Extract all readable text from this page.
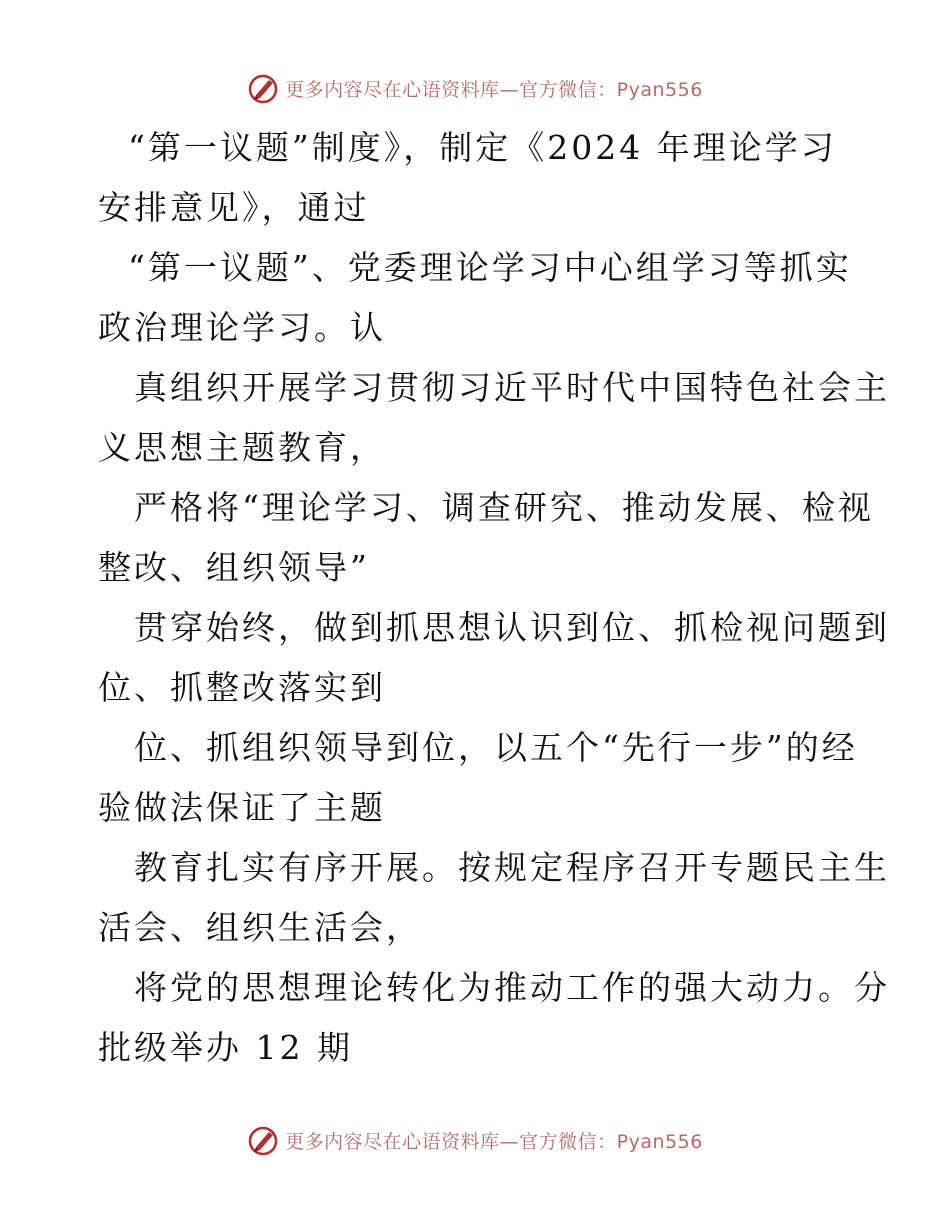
更多内容尽在心语资料库—官方微信：Pyan556
“第一议题”制度》，制定《2024 年理论学习
安排意见》，通过
“第一议题”、党委理论学习中心组学习等抓实
政治理论学习。认
真组织开展学习贯彻习近平时代中国特色社会主
义思想主题教育，
严格将“理论学习、调查研究、推动发展、检视
整改、组织领导”
贯穿始终，做到抓思想认识到位、抓检视问题到
位、抓整改落实到
位、抓组织领导到位，以五个“先行一步”的经
验做法保证了主题
教育扎实有序开展。按规定程序召开专题民主生
活会、组织生活会，
将党的思想理论转化为推动工作的强大动力。分
批级举办 12 期
更多内容尽在心语资料库—官方微信：Pyan556
